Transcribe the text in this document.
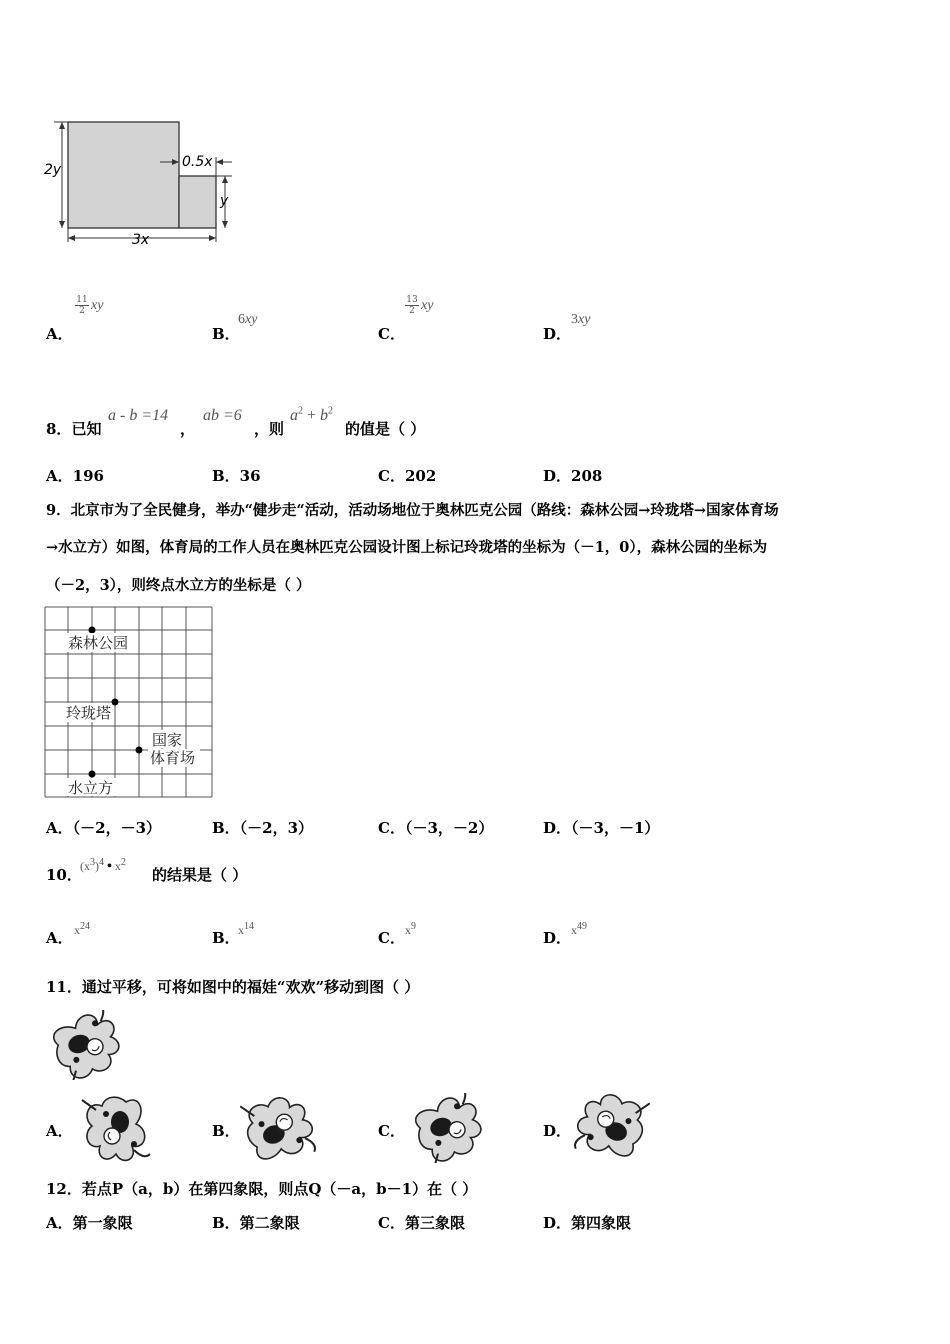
2y	0.5x
y
3x
A．
$\frac{11}{2}$ xy
B．
6xy
C．
$\frac{13}{2}$ xy
D．
3xy
8．已知
a - b =14
，
ab =6
，则
$a^2 + b^2$
的值是（ ）
A．196	B．36	C．202	D．208
9．北京市为了全民健身，举办“健步走“活动，活动场地位于奥林匹克公园（路线：森林公园→玲珑塔→国家体育场
→水立方）如图，体育局的工作人员在奥林匹克公园设计图上标记玲珑塔的坐标为（－1，0），森林公园的坐标为
（－2，3），则终点水立方的坐标是（ ）
森林公园
玲珑塔
国家
体育场
水立方
A．（－2，－3）	B．（－2，3）	C．（－3，－2）	D．（－3，－1）
10．
$(x^3)^4$ • $x^2$
的结果是（ ）
A． $x^{24}$
B．
$x^{14}$
C． $x^9$
D． $x^{49}$
11．通过平移，可将如图中的福娃“欢欢”移动到图（ ）
A．	B．	C．	D．
12．若点P（a，b）在第四象限，则点Q（－a，b－1）在（ ）
A．第一象限	B．第二象限	C．第三象限	D．第四象限
